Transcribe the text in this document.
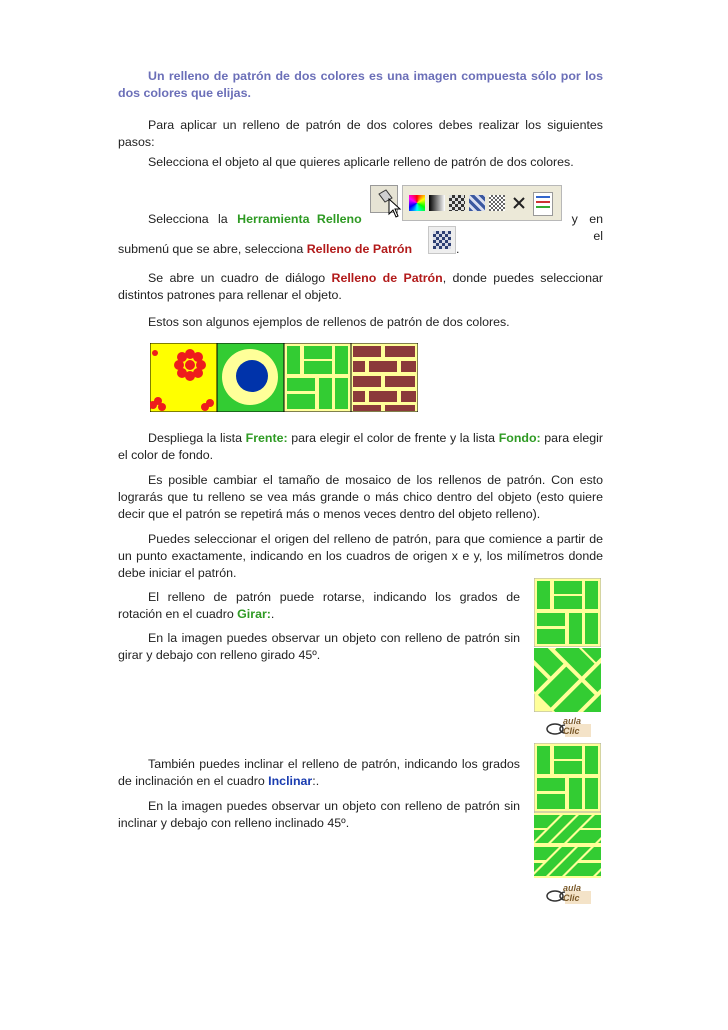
Un relleno de patrón de dos colores es una imagen compuesta sólo por los dos colores que elijas.

Para aplicar un relleno de patrón de dos colores debes realizar los siguientes pasos:

Selecciona el objeto al que quieres aplicarle relleno de patrón de dos colores.

Selecciona la Herramienta Relleno	y en el
submenú que se abre, selecciona Relleno de Patrón	.

Se abre un cuadro de diálogo Relleno de Patrón, donde puedes seleccionar distintos patrones para rellenar el objeto.

Estos son algunos ejemplos de rellenos de patrón de dos colores.

Despliega la lista Frente: para elegir el color de frente y la lista Fondo: para elegir el color de fondo.

Es posible cambiar el tamaño de mosaico de los rellenos de patrón. Con esto lograrás que tu relleno se vea más grande o más chico dentro del objeto (esto quiere decir que el patrón se repetirá más o menos veces dentro del objeto relleno).

Puedes seleccionar el origen del relleno de patrón, para que comience a partir de un punto exactamente, indicando en los cuadros de origen x e y, los milímetros donde debe iniciar el patrón.

El relleno de patrón puede rotarse, indicando los grados de rotación en el cuadro Girar:.

En la imagen puedes observar un objeto con relleno de patrón sin girar y debajo con relleno girado 45º.

aula Clic

También puedes inclinar el relleno de patrón, indicando los grados de inclinación en el cuadro Inclinar:.

En la imagen puedes observar un objeto con relleno de patrón sin inclinar y debajo con relleno inclinado 45º.

aula Clic
